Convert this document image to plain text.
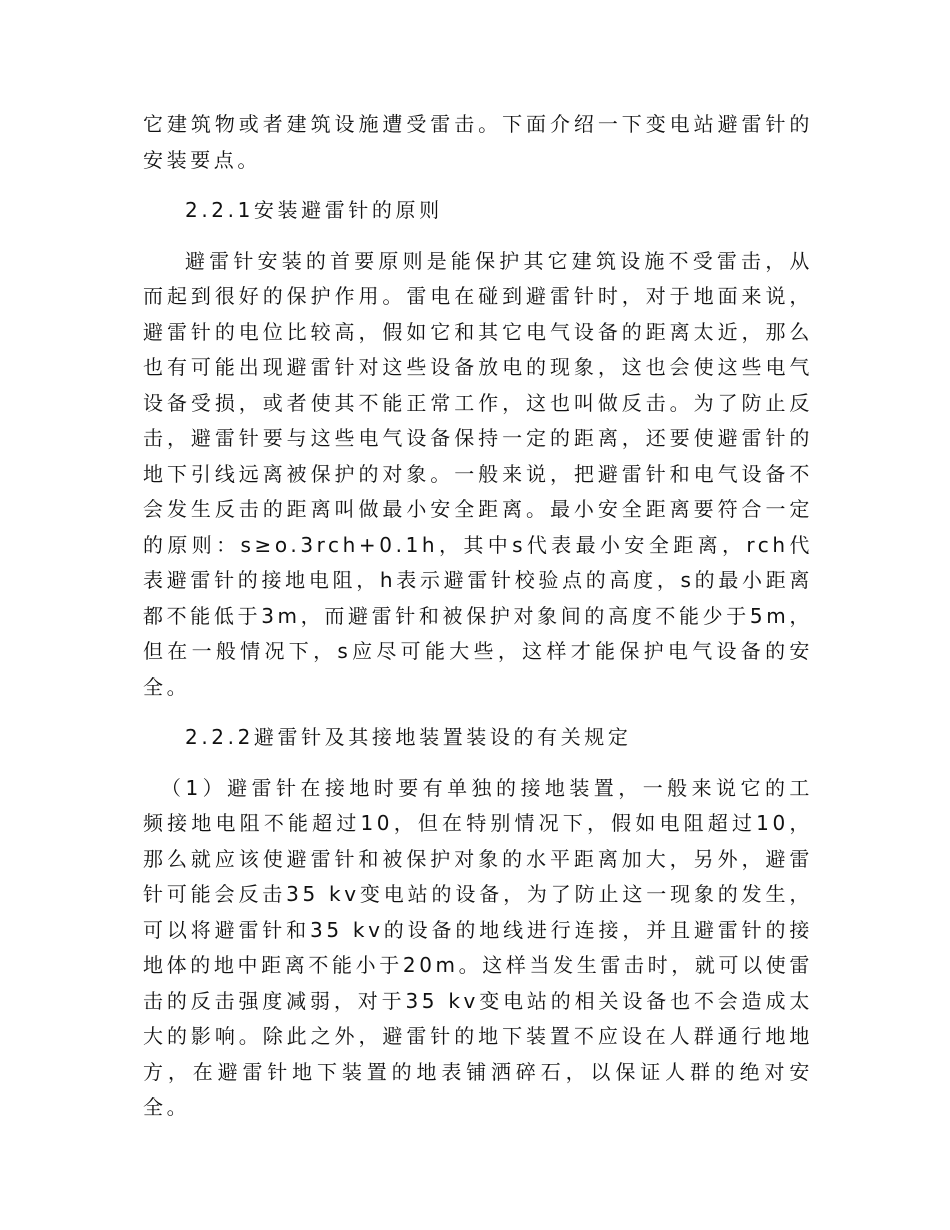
它建筑物或者建筑设施遭受雷击。下面介绍一下变电站避雷针的安装要点。

2.2.1安装避雷针的原则

避雷针安装的首要原则是能保护其它建筑设施不受雷击，从而起到很好的保护作用。雷电在碰到避雷针时，对于地面来说，避雷针的电位比较高，假如它和其它电气设备的距离太近，那么也有可能出现避雷针对这些设备放电的现象，这也会使这些电气设备受损，或者使其不能正常工作，这也叫做反击。为了防止反击，避雷针要与这些电气设备保持一定的距离，还要使避雷针的地下引线远离被保护的对象。一般来说，把避雷针和电气设备不会发生反击的距离叫做最小安全距离。最小安全距离要符合一定的原则：s≥o.3rch+0.1h，其中s代表最小安全距离，rch代表避雷针的接地电阻，h表示避雷针校验点的高度，s的最小距离都不能低于3m，而避雷针和被保护对象间的高度不能少于5m，但在一般情况下，s应尽可能大些，这样才能保护电气设备的安全。

2.2.2避雷针及其接地装置装设的有关规定

（1）避雷针在接地时要有单独的接地装置，一般来说它的工频接地电阻不能超过10，但在特别情况下，假如电阻超过10，那么就应该使避雷针和被保护对象的水平距离加大，另外，避雷针可能会反击35 kv变电站的设备，为了防止这一现象的发生，可以将避雷针和35 kv的设备的地线进行连接，并且避雷针的接地体的地中距离不能小于20m。这样当发生雷击时，就可以使雷击的反击强度减弱，对于35 kv变电站的相关设备也不会造成太大的影响。除此之外，避雷针的地下装置不应设在人群通行地地方，在避雷针地下装置的地表铺洒碎石，以保证人群的绝对安全。
